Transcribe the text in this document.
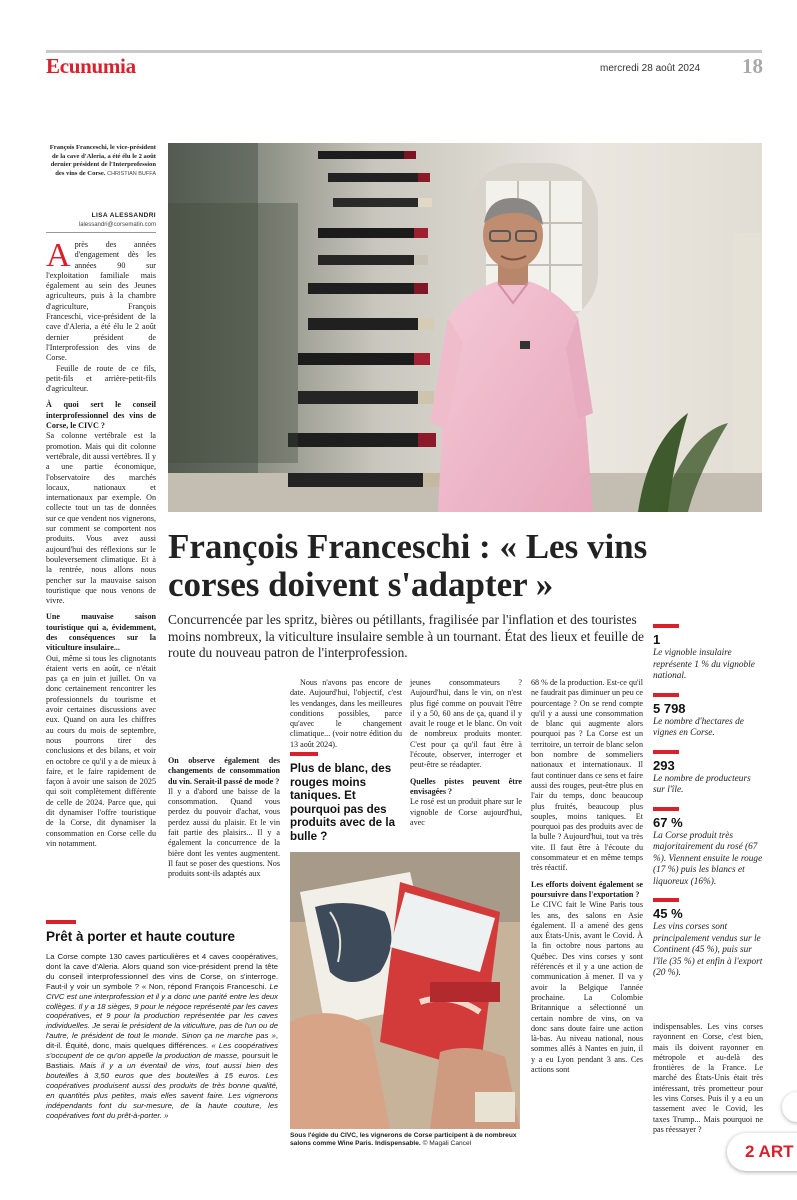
Ecunumia	mercredi 28 août 2024 18
François Franceschi, le vice-président de la cave d'Aleria, a été élu le 2 août dernier président de l'Interprofession des vins de Corse. CHRISTIAN BUFFA
LISA ALESSANDRI
lalessandri@corsematin.com

Après des années d'engagement dès les années 90 sur l'exploitation familiale mais également au sein des Jeunes agriculteurs, puis à la chambre d'agriculture, François Franceschi, vice-président de la cave d'Aleria, a été élu le 2 août dernier président de l'Interprofession des vins de Corse.

Feuille de route de ce fils, petit-fils et arrière-petit-fils d'agriculteur.

À quoi sert le conseil interprofessionnel des vins de Corse, le CIVC ?

Sa colonne vertébrale est la promotion. Mais qui dit colonne vertébrale, dit aussi vertèbres. Il y a une partie économique, l'observatoire des marchés locaux, nationaux et internationaux par exemple. On collecte tout un tas de données sur ce que vendent nos vignerons, sur comment se comportent nos produits. Vous avez aussi aujourd'hui des réflexions sur le bouleversement climatique. Et à la rentrée, nous allons nous pencher sur la mauvaise saison touristique que nous venons de vivre.

Une mauvaise saison touristique qui a, évidemment, des conséquences sur la viticulture insulaire...

Oui, même si tous les clignotants étaient verts en août, ce n'était pas ça en juin et juillet. On va donc certainement rencontrer les professionnels du tourisme et avoir certaines discussions avec eux. Quand on aura les chiffres au cours du mois de septembre, nous pourrons tirer des conclusions et des bilans, et voir en octobre ce qu'il y a de mieux à faire, et le faire rapidement de façon à avoir une saison de 2025 qui soit complètement différente de celle de 2024. Parce que, qui dit dynamiser l'offre touristique de la Corse, dit dynamiser la consommation en Corse celle du vin notamment.

François Franceschi : « Les vins corses doivent s'adapter »
Concurrencée par les spritz, bières ou pétillants, fragilisée par l'inflation et des touristes moins nombreux, la viticulture insulaire semble à un tournant. État des lieux et feuille de route du nouveau patron de l'interprofession.
1
Le vignoble insulaire représente 1 % du vignoble national.
5 798
Le nombre d'hectares de vignes en Corse.
293
Le nombre de producteurs sur l'île.
67 %
La Corse produit très majoritairement du rosé (67 %). Viennent ensuite le rouge (17 %) puis les blancs et liquoreux (16%).
45 %
Les vins corses sont principalement vendus sur le Continent (45 %), puis sur l'île (35 %) et enfin à l'export (20 %).

Nous n'avons pas encore de date. Aujourd'hui, l'objectif, c'est les vendanges, dans les meilleures conditions possibles, parce qu'avec le changement climatique... (voir notre édition du 13 août 2024).

Plus de blanc, des rouges moins taniques. Et pourquoi pas des produits avec de la bulle ?

jeunes consommateurs ? Aujourd'hui, dans le vin, on n'est plus figé comme on pouvait l'être il y a 50, 60 ans de ça, quand il y avait le rouge et le blanc. On voit de nombreux produits monter. C'est pour ça qu'il faut être à l'écoute, observer, interroger et peut-être se réadapter.

Quelles pistes peuvent être envisagées ?

Le rosé est un produit phare sur le vignoble de Corse aujourd'hui, avec

On observe également des changements de consommation du vin. Serait-il passé de mode ?

Il y a d'abord une baisse de la consommation. Quand vous perdez du pouvoir d'achat, vous perdez aussi du plaisir. Et le vin fait partie des plaisirs... Il y a également la concurrence de la bière dont les ventes augmentent. Il faut se poser des questions. Nos produits sont-ils adaptés aux

68 % de la production. Est-ce qu'il ne faudrait pas diminuer un peu ce pourcentage ? On se rend compte qu'il y a aussi une consommation de blanc qui augmente alors pourquoi pas ? La Corse est un territoire, un terroir de blanc selon bon nombre de sommeliers nationaux et internationaux. Il faut continuer dans ce sens et faire aussi des rouges, peut-être plus en l'air du temps, donc beaucoup plus fruités, beaucoup plus souples, moins taniques. Et pourquoi pas des produits avec de la bulle ? Aujourd'hui, tout va très vite. Il faut être à l'écoute du consommateur et en même temps très réactif.

Les efforts doivent également se poursuivre dans l'exportation ?

Le CIVC fait le Wine Paris tous les ans, des salons en Asie également. Il a amené des gens aux États-Unis, avant le Covid. À la fin octobre nous partons au Québec. Des vins corses y sont référencés et il y a une action de communication à mener. Il va y avoir la Belgique l'année prochaine. La Colombie Britannique a sélectionné un certain nombre de vins, on va donc sans doute faire une action là-bas. Au niveau national, nous sommes allés à Nantes en juin, il y a eu Lyon pendant 3 ans. Ces actions sont

indispensables. Les vins corses rayonnent en Corse, c'est bien, mais ils doivent rayonner en métropole et au-delà des frontières de la France. Le marché des États-Unis était très intéressant, très prometteur pour les vins Corses. Puis il y a eu un tassement avec le Covid, les taxes Trump... Mais pourquoi ne pas réessayer ?

Sous l'égide du CIVC, les vignerons de Corse participent à de nombreux salons comme Wine Paris. Indispensable. © Magali Cancel
Prêt à porter et haute couture
La Corse compte 130 caves particulières et 4 caves coopératives, dont la cave d'Aleria. Alors quand son vice-président prend la tête du conseil interprofessionnel des vins de Corse, on s'interroge. Faut-il y voir un symbole ? « Non, répond François Franceschi. Le CIVC est une interprofession et il y a donc une parité entre les deux collèges. Il y a 18 sièges, 9 pour le négoce représenté par les caves coopératives, et 9 pour la production représentée par les caves individuelles. Je serai le président de la viticulture, pas de l'un ou de l'autre, le président de tout le monde. Sinon ça ne marche pas », dit-il. Équité, donc, mais quelques différences. « Les coopératives s'occupent de ce qu'on appelle la production de masse, poursuit le Bastiais. Mais il y a un éventail de vins, tout aussi bien des bouteilles à 3,50 euros que des bouteilles à 15 euros. Les coopératives produisent aussi des produits de très bonne qualité, en quantités plus petites, mais elles savent faire. Les vignerons indépendants font du sur-mesure, de la haute couture, les coopératives font du prêt-à-porter. »
2 ART
